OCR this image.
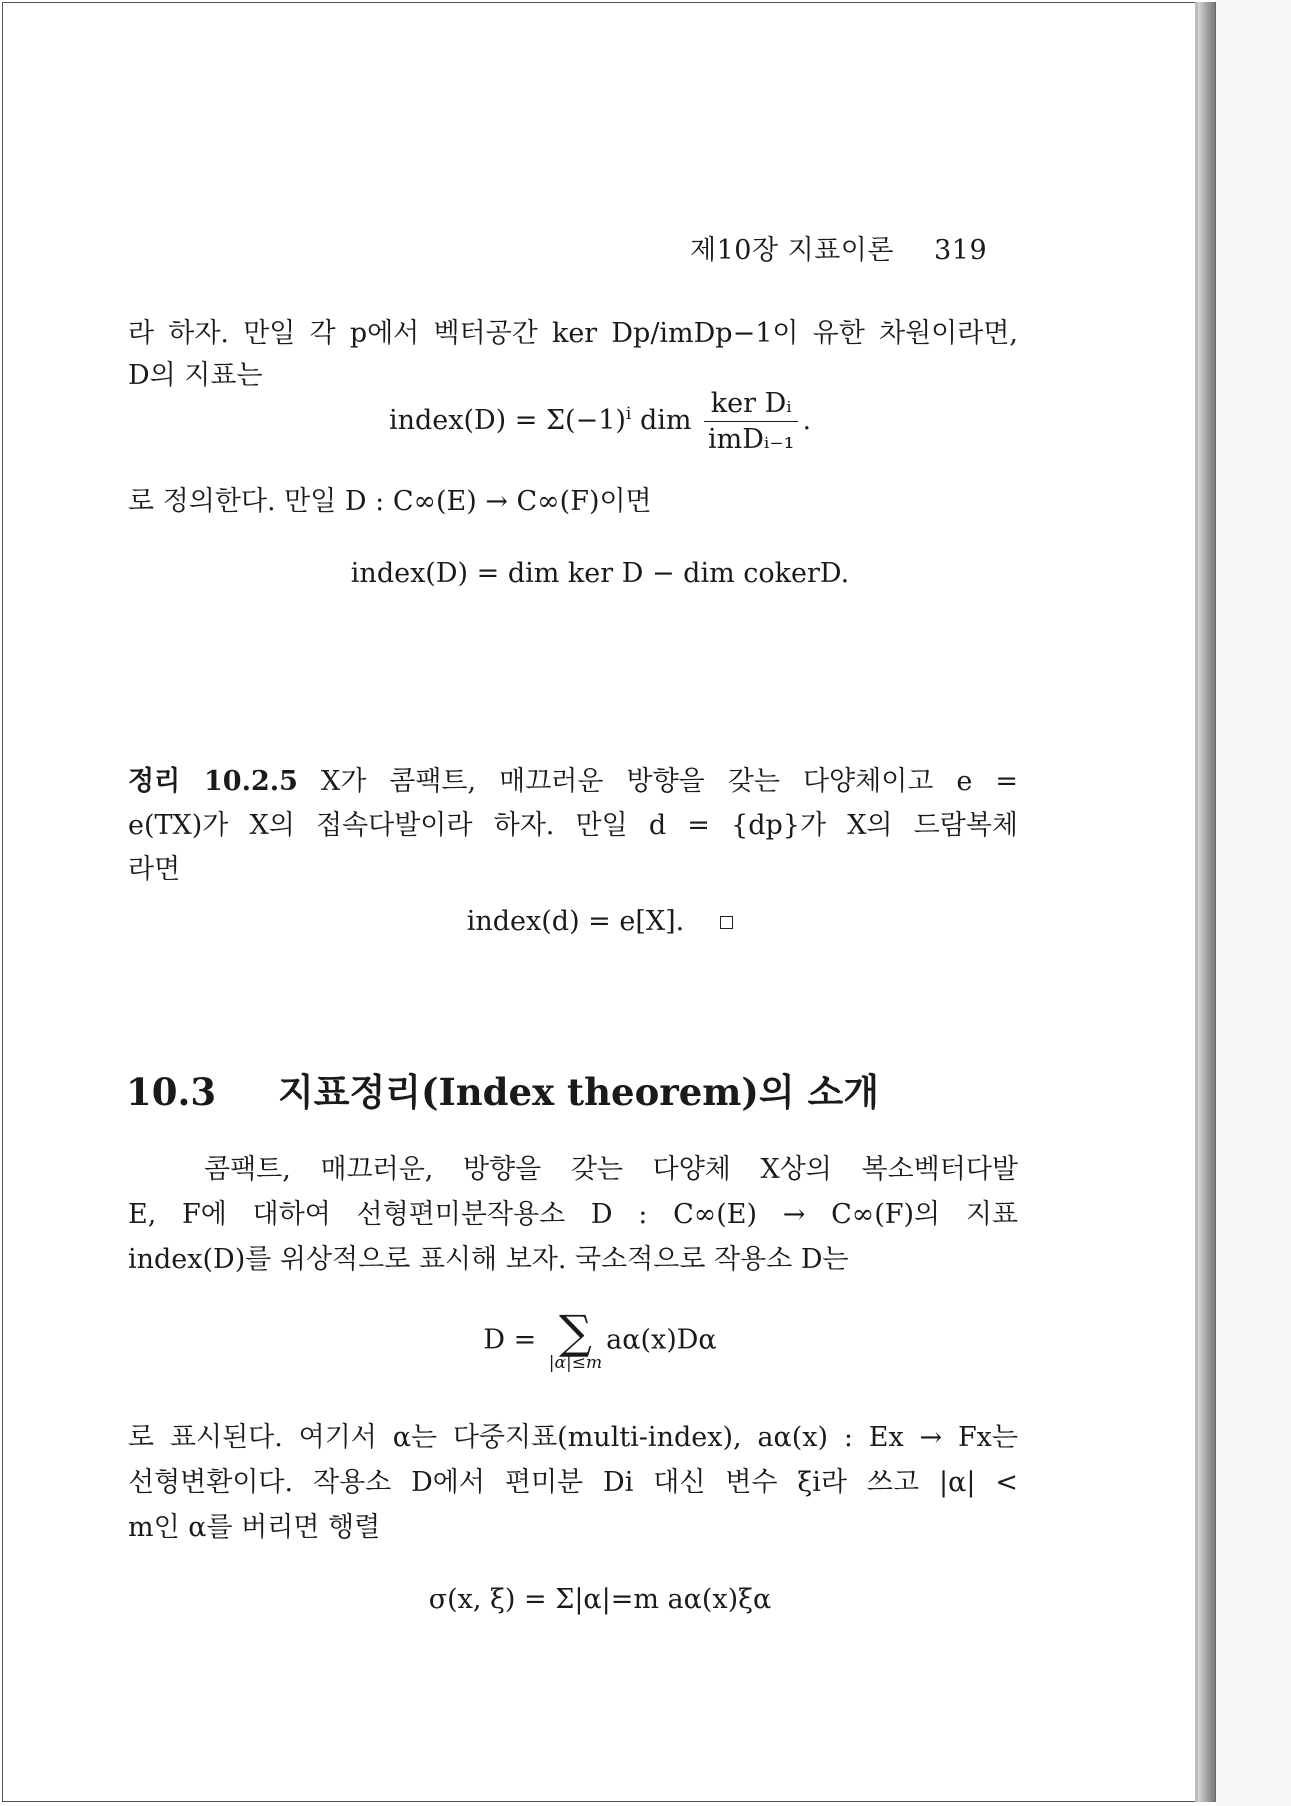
제10장 지표이론 319
라 하자. 만일 각 p에서 벡터공간 ker Dp/imDp−1이 유한 차원이라면,
D의 지표는
index(D) = $\Sigma(-1)^i$ dim $\frac{\text{ker Dᵢ}}{\text{imDᵢ₋₁}}$ .
로 정의한다. 만일 D : C∞(E) → C∞(F)이면
index(D) = dim ker D − dim cokerD.
정리 10.2.5 X가 콤팩트, 매끄러운 방향을 갖는 다양체이고 e =
e(TX)가 X의 접속다발이라 하자. 만일 d = {dp}가 X의 드람복체
라면
index(d) = e[X].
10.3 지표정리(Index theorem)의 소개
콤팩트, 매끄러운, 방향을 갖는 다양체 X상의 복소벡터다발
E, F에 대하여 선형편미분작용소 D : C∞(E) → C∞(F)의 지표
index(D)를 위상적으로 표시해 보자. 국소적으로 작용소 D는
D = ∑
|α|≤m
aα(x)Dα
로 표시된다. 여기서 α는 다중지표(multi-index), aα(x) : Ex → Fx는
선형변환이다. 작용소 D에서 편미분 Di 대신 변수 ξi라 쓰고 |α| <
m인 α를 버리면 행렬
σ(x, ξ) = Σ|α|=m aα(x)ξα
